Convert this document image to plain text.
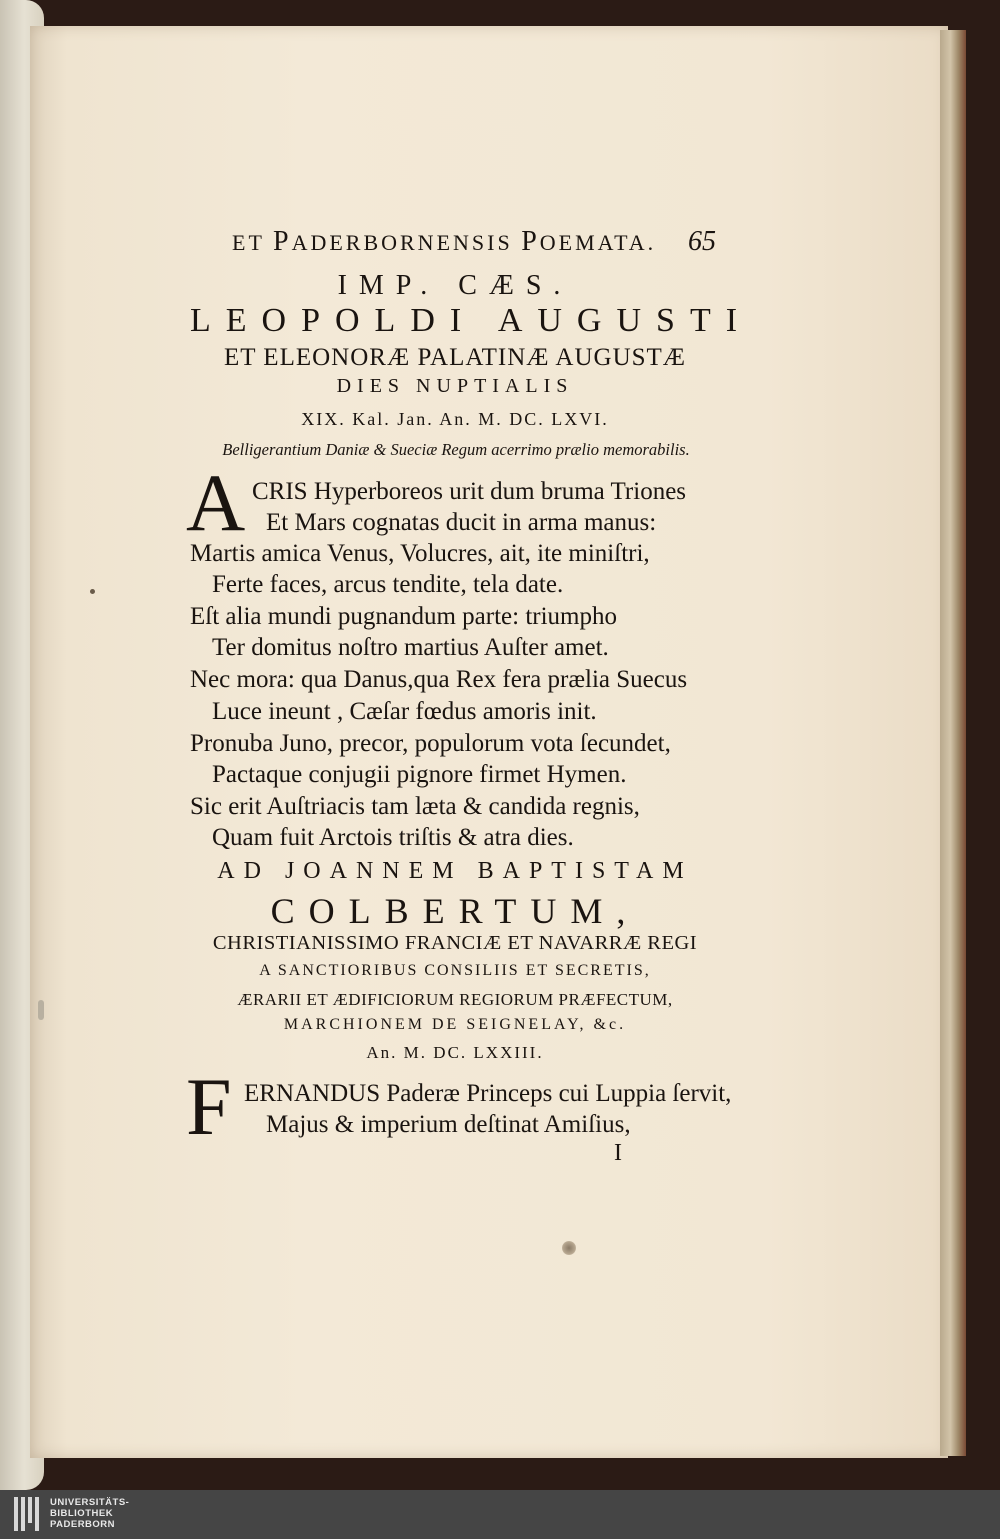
ET PADERBORNENSIS POEMATA. 65
IMP. CÆS.
LEOPOLDI AUGUSTI
ET ELEONORÆ PALATINÆ AUGUSTÆ
DIES NUPTIALIS
XIX. Kal. Jan. An. M. DC. LXVI.
Belligerantium Daniæ & Sueciæ Regum acerrimo prælio memorabilis.
A CRIS Hyperboreos urit dum bruma Triones
Et Mars cognatas ducit in arma manus:
Martis amica Venus, Volucres, ait, ite miniſtri,
Ferte faces, arcus tendite, tela date.
Eſt alia mundi pugnandum parte: triumpho
Ter domitus noſtro martius Auſter amet.
Nec mora: qua Danus,qua Rex fera prælia Suecus
Luce ineunt , Cæſar fœdus amoris init.
Pronuba Juno, precor, populorum vota ſecundet,
Pactaque conjugii pignore firmet Hymen.
Sic erit Auſtriacis tam læta & candida regnis,
Quam fuit Arctois triſtis & atra dies.
AD JOANNEM BAPTISTAM
COLBERTUM,
CHRISTIANISSIMO FRANCIÆ ET NAVARRÆ REGI
A SANCTIORIBUS CONSILIIS ET SECRETIS,
ÆRARII ET ÆDIFICIORUM REGIORUM PRÆFECTUM,
MARCHIONEM DE SEIGNELAY, &c.
An. M. DC. LXXIII.
F ERNANDUS Paderæ Princeps cui Luppia ſervit,
Majus & imperium deſtinat Amiſius,
I
UNIVERSITÄTS-
BIBLIOTHEK
PADERBORN
